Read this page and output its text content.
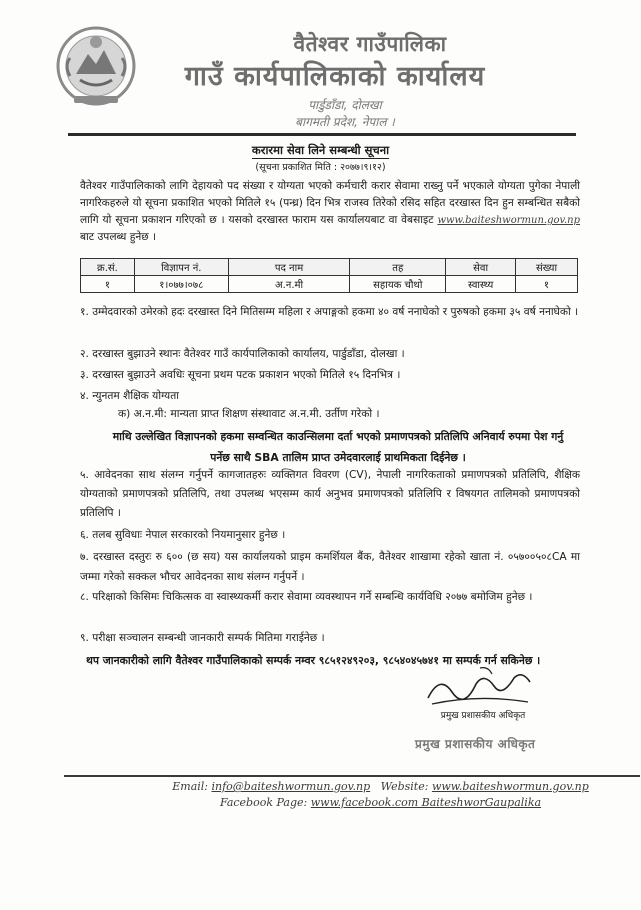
वैतेश्वर गाउँपालिका
गाउँ कार्यपालिकाको कार्यालय
पार्डुडाँडा, दोलखा
बागमती प्रदेश, नेपाल ।
करारमा सेवा लिने सम्बन्धी सूचना
(सूचना प्रकाशित मिति : २०७७।९।१२)
वैतेश्वर गाउँपालिकाको लागि देहायको पद संख्या र योग्यता भएको कर्मचारी करार सेवामा राख्नु पर्ने भएकाले योग्यता पुगेका नेपाली नागरिकहरुले यो सूचना प्रकाशित भएको मितिले १५ (पन्ध्र) दिन भित्र राजस्व तिरेको रसिद सहित दरखास्त दिन हुन सम्बन्धित सबैको लागि यो सूचना प्रकाशन गरिएको छ । यसको दरखास्त फाराम यस कार्यालयबाट वा वेबसाइट www.baiteshwormun.gov.np बाट उपलब्ध हुनेछ ।
क्र.सं.	विज्ञापन नं.	पद नाम	तह	सेवा	संख्या
१	१।०७७।०७८	अ.न.मी	सहायक चौथो	स्वास्थ्य	१
१. उम्मेदवारको उमेरको हदः दरखास्त दिने मितिसम्म महिला र अपाङ्गको हकमा ४० वर्ष ननाघेको र पुरुषको हकमा ३५ वर्ष ननाघेको ।
२. दरखास्त बुझाउने स्थानः वैतेश्वर गाउँ कार्यपालिकाको कार्यालय, पार्डुडाँडा, दोलखा ।
३. दरखास्त बुझाउने अवधिः सूचना प्रथम पटक प्रकाशन भएको मितिले १५ दिनभित्र ।
४. न्युनतम शैक्षिक योग्यता
क) अ.न.मी: मान्यता प्राप्त शिक्षण संस्थावाट अ.न.मी. उर्तीण गरेको ।
माथि उल्लेखित विज्ञापनको हकमा सम्वन्धित काउन्सिलमा दर्ता भएको प्रमाणपत्रको प्रतिलिपि अनिवार्य रुपमा पेश गर्नु पर्नेछ साथै SBA तालिम प्राप्त उमेदवारलाई प्राथमिकता दिईनेछ ।
५. आवेदनका साथ संलग्न गर्नुपर्ने कागजातहरुः व्यक्तिगत विवरण (CV), नेपाली नागरिकताको प्रमाणपत्रको प्रतिलिपि, शैक्षिक योग्यताको प्रमाणपत्रको प्रतिलिपि, तथा उपलब्ध भएसम्म कार्य अनुभव प्रमाणपत्रको प्रतिलिपि र विषयगत तालिमको प्रमाणपत्रको प्रतिलिपि ।
६. तलब सुविधाः नेपाल सरकारको नियमानुसार हुनेछ ।
७. दरखास्त दस्तुरः रु ६०० (छ सय) यस कार्यालयको प्राइम कमर्शियल बैंक, वैतेश्वर शाखामा रहेको खाता नं. ०५७००५०८CA मा जम्मा गरेको सक्कल भौचर आवेदनका साथ संलग्न गर्नुपर्ने ।
८. परिक्षाको किसिमः चिकित्सक वा स्वास्थ्यकर्मी करार सेवामा व्यवस्थापन गर्ने सम्बन्धि कार्यविधि २०७७ बमोजिम हुनेछ ।
९. परीक्षा सञ्चालन सम्बन्धी जानकारी सम्पर्क मितिमा गराईनेछ ।
थप जानकारीको लागि वैतेश्वर गाउँपालिकाको सम्पर्क नम्वर ९८५१२४९२०३, ९८५४०४५७४१ मा सम्पर्क गर्न सकिनेछ ।
प्रमुख प्रशासकीय अधिकृत
प्रमुख प्रशासकीय अधिकृत
Email: info@baiteshwormun.gov.np Website: www.baiteshwormun.gov.np
Facebook Page: www.facebook.com BaiteshworGaupalika
